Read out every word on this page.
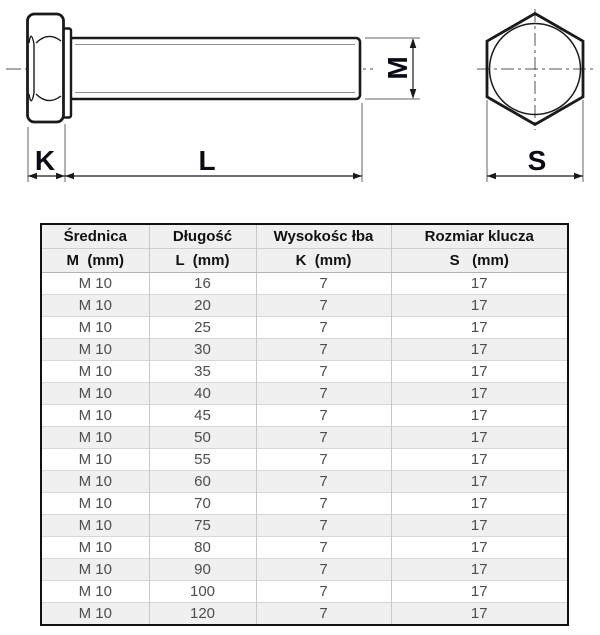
M
K	L	S
Średnica	Długość	Wysokośc łba	Rozmiar klucza
M  (mm)	L  (mm)	K  (mm)	S   (mm)
M 10	16	7	17
M 10	20	7	17
M 10	25	7	17
M 10	30	7	17
M 10	35	7	17
M 10	40	7	17
M 10	45	7	17
M 10	50	7	17
M 10	55	7	17
M 10	60	7	17
M 10	70	7	17
M 10	75	7	17
M 10	80	7	17
M 10	90	7	17
M 10	100	7	17
M 10	120	7	17
